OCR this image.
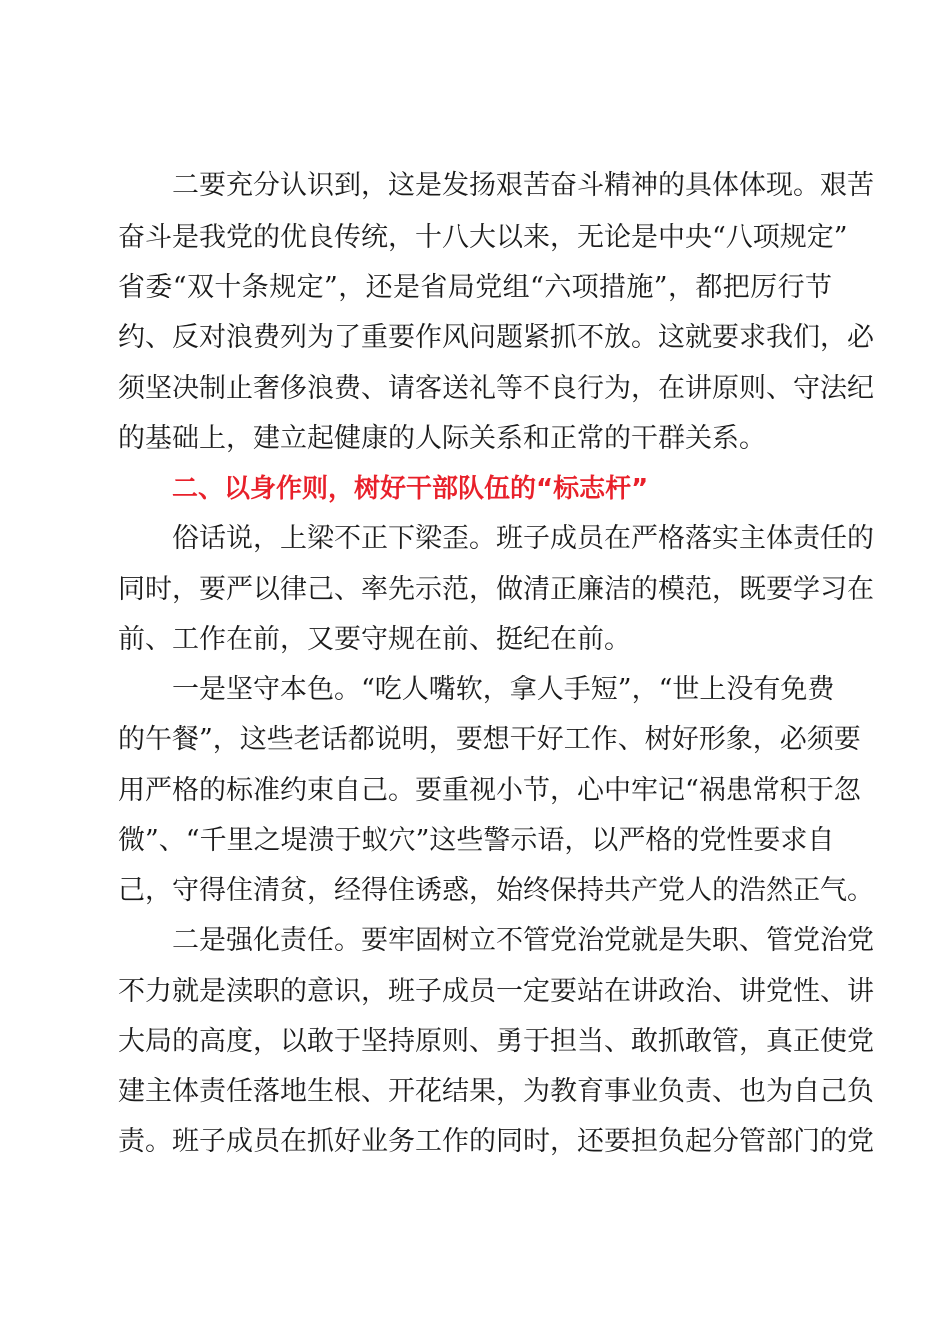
二要充分认识到，这是发扬艰苦奋斗精神的具体体现。艰苦
奋斗是我党的优良传统，十八大以来，无论是中央“八项规定”
省委“双十条规定”，还是省局党组“六项措施”，都把厉行节
约、反对浪费列为了重要作风问题紧抓不放。这就要求我们，必
须坚决制止奢侈浪费、请客送礼等不良行为，在讲原则、守法纪
的基础上，建立起健康的人际关系和正常的干群关系。
二、以身作则，树好干部队伍的“标志杆”
俗话说，上梁不正下梁歪。班子成员在严格落实主体责任的
同时，要严以律己、率先示范，做清正廉洁的模范，既要学习在
前、工作在前，又要守规在前、挺纪在前。
一是坚守本色。“吃人嘴软，拿人手短”，“世上没有免费
的午餐”，这些老话都说明，要想干好工作、树好形象，必须要
用严格的标准约束自己。要重视小节，心中牢记“祸患常积于忽
微”、“千里之堤溃于蚁穴”这些警示语，以严格的党性要求自
己，守得住清贫，经得住诱惑，始终保持共产党人的浩然正气。
二是强化责任。要牢固树立不管党治党就是失职、管党治党
不力就是渎职的意识，班子成员一定要站在讲政治、讲党性、讲
大局的高度，以敢于坚持原则、勇于担当、敢抓敢管，真正使党
建主体责任落地生根、开花结果，为教育事业负责、也为自己负
责。班子成员在抓好业务工作的同时，还要担负起分管部门的党
